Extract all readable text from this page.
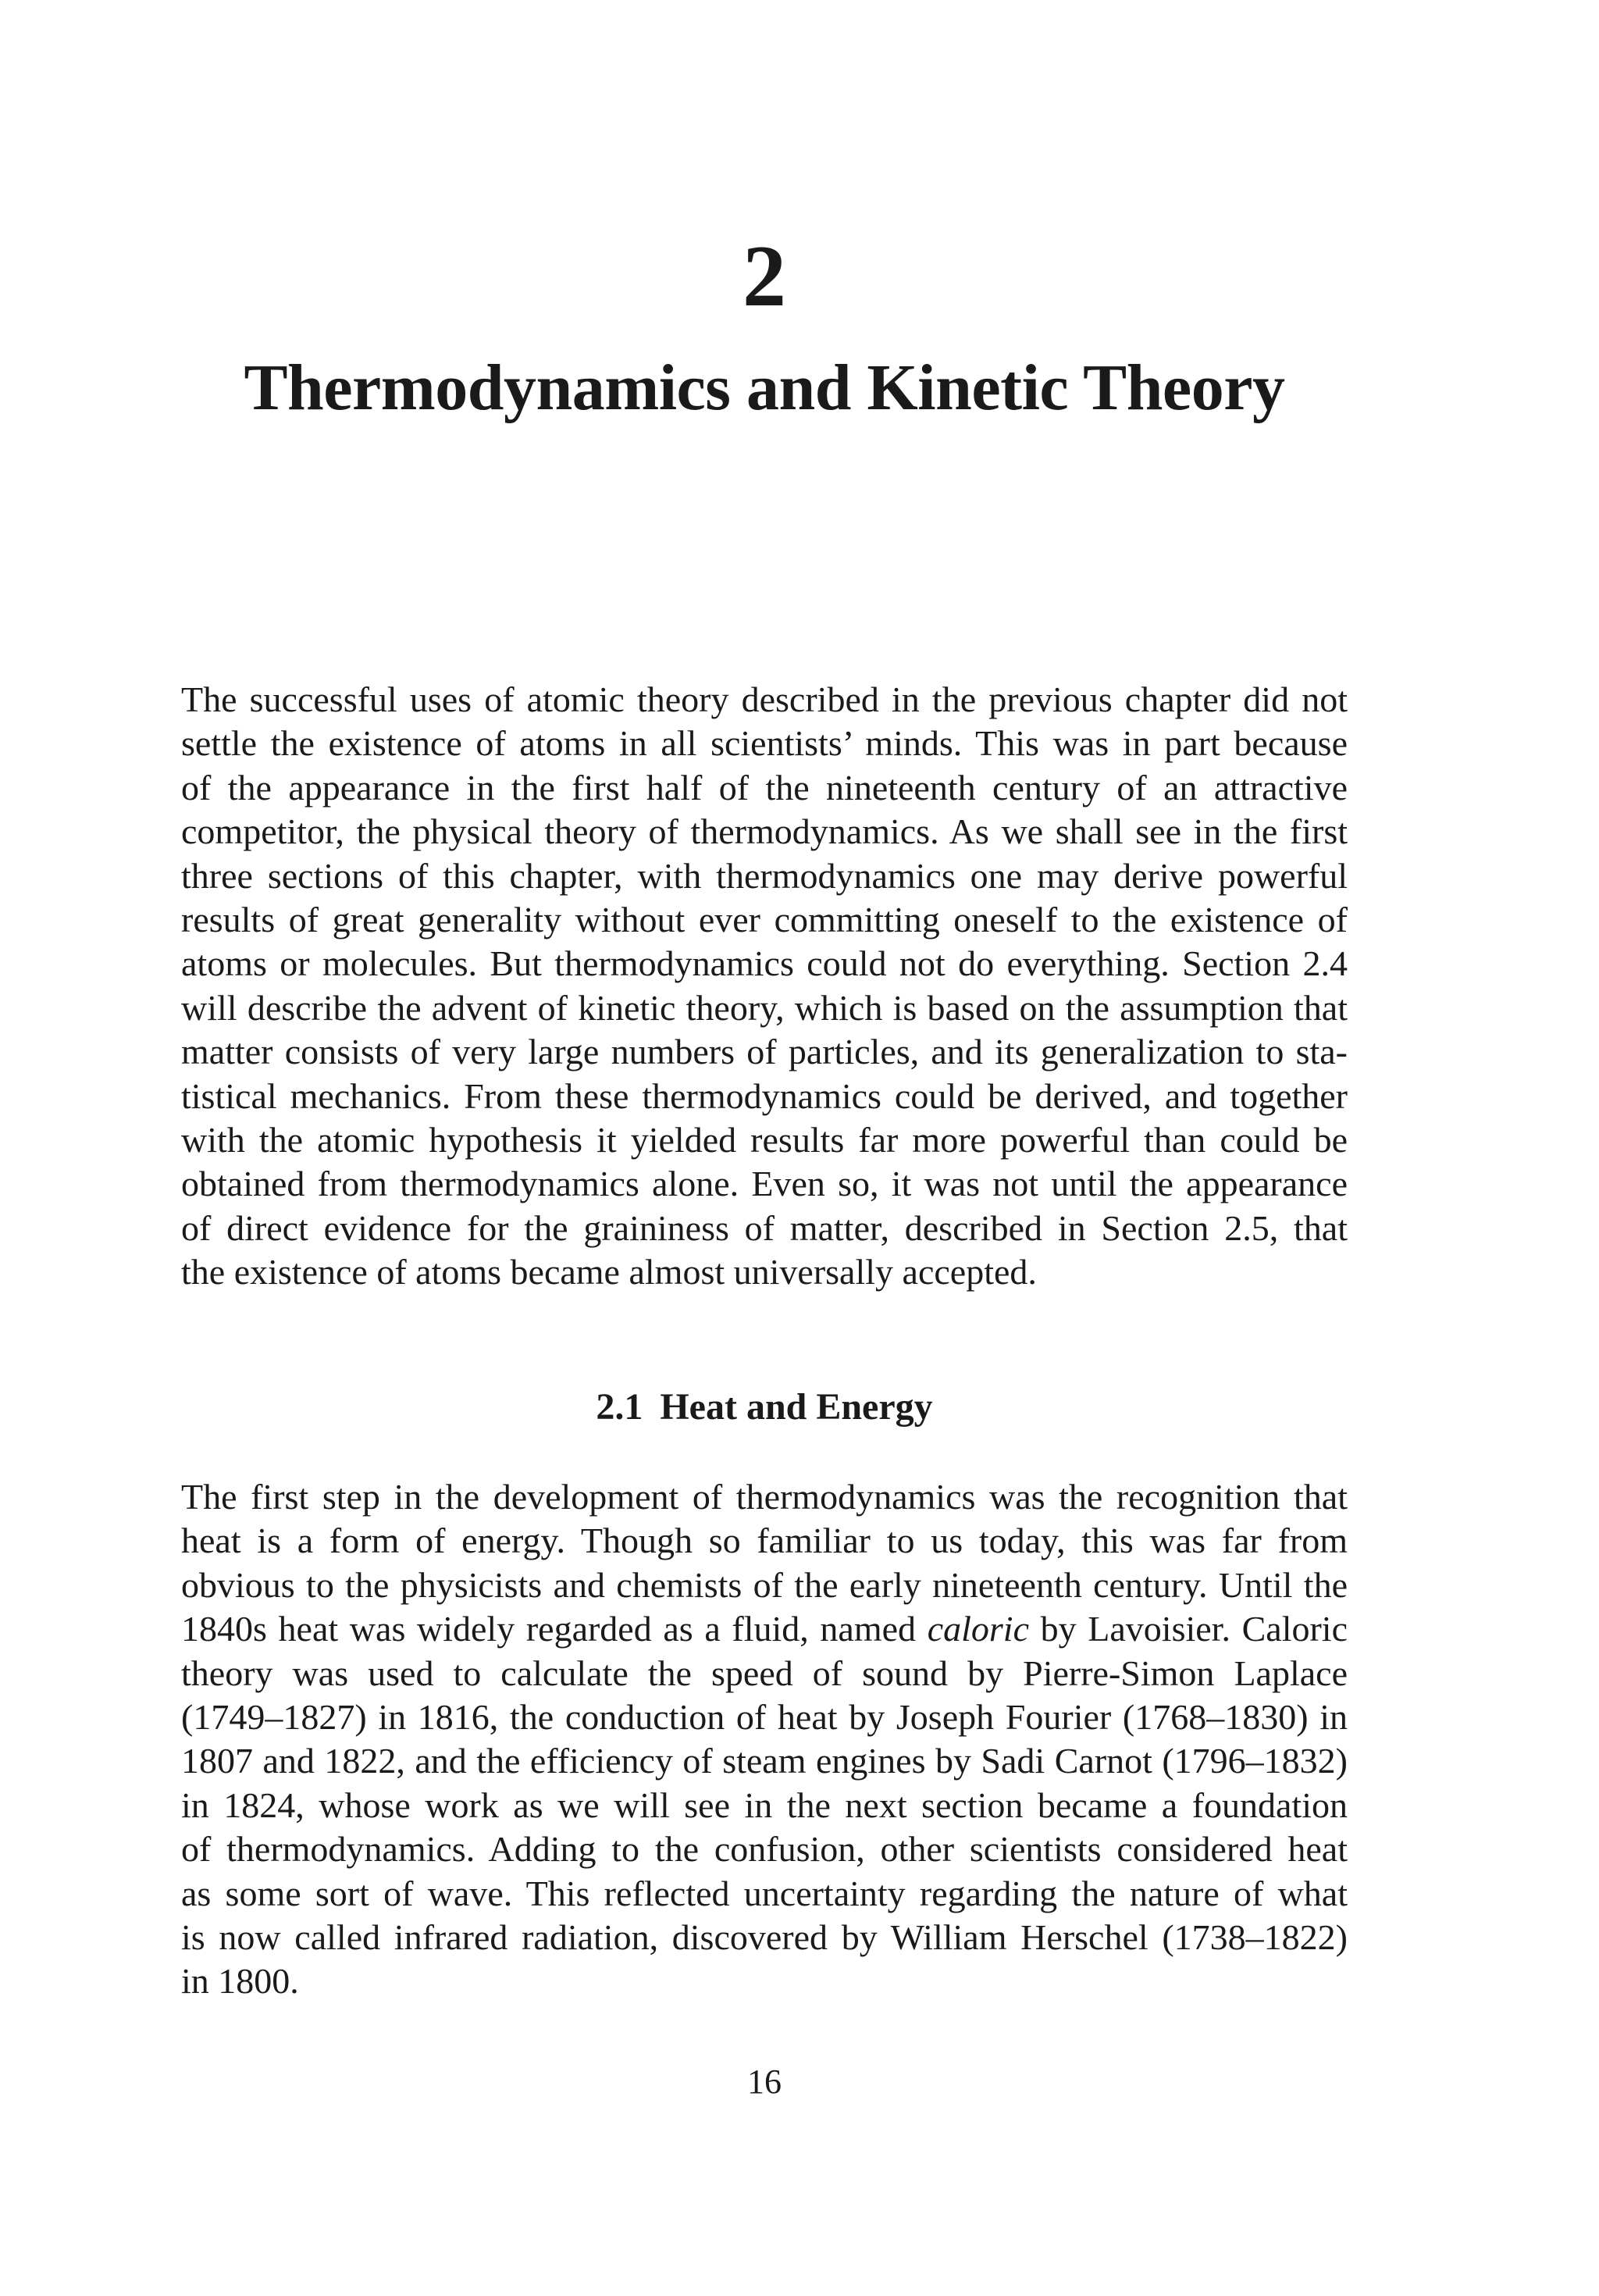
2
Thermodynamics and Kinetic Theory
The successful uses of atomic theory described in the previous chapter did not
settle the existence of atoms in all scientists’ minds. This was in part because
of the appearance in the first half of the nineteenth century of an attractive
competitor, the physical theory of thermodynamics. As we shall see in the first
three sections of this chapter, with thermodynamics one may derive powerful
results of great generality without ever committing oneself to the existence of
atoms or molecules. But thermodynamics could not do everything. Section 2.4
will describe the advent of kinetic theory, which is based on the assumption that
matter consists of very large numbers of particles, and its generalization to sta-
tistical mechanics. From these thermodynamics could be derived, and together
with the atomic hypothesis it yielded results far more powerful than could be
obtained from thermodynamics alone. Even so, it was not until the appearance
of direct evidence for the graininess of matter, described in Section 2.5, that
the existence of atoms became almost universally accepted.
2.1 Heat and Energy
The first step in the development of thermodynamics was the recognition that
heat is a form of energy. Though so familiar to us today, this was far from
obvious to the physicists and chemists of the early nineteenth century. Until the
1840s heat was widely regarded as a fluid, named caloric by Lavoisier. Caloric
theory was used to calculate the speed of sound by Pierre-Simon Laplace
(1749–1827) in 1816, the conduction of heat by Joseph Fourier (1768–1830) in
1807 and 1822, and the efficiency of steam engines by Sadi Carnot (1796–1832)
in 1824, whose work as we will see in the next section became a foundation
of thermodynamics. Adding to the confusion, other scientists considered heat
as some sort of wave. This reflected uncertainty regarding the nature of what
is now called infrared radiation, discovered by William Herschel (1738–1822)
in 1800.
16
